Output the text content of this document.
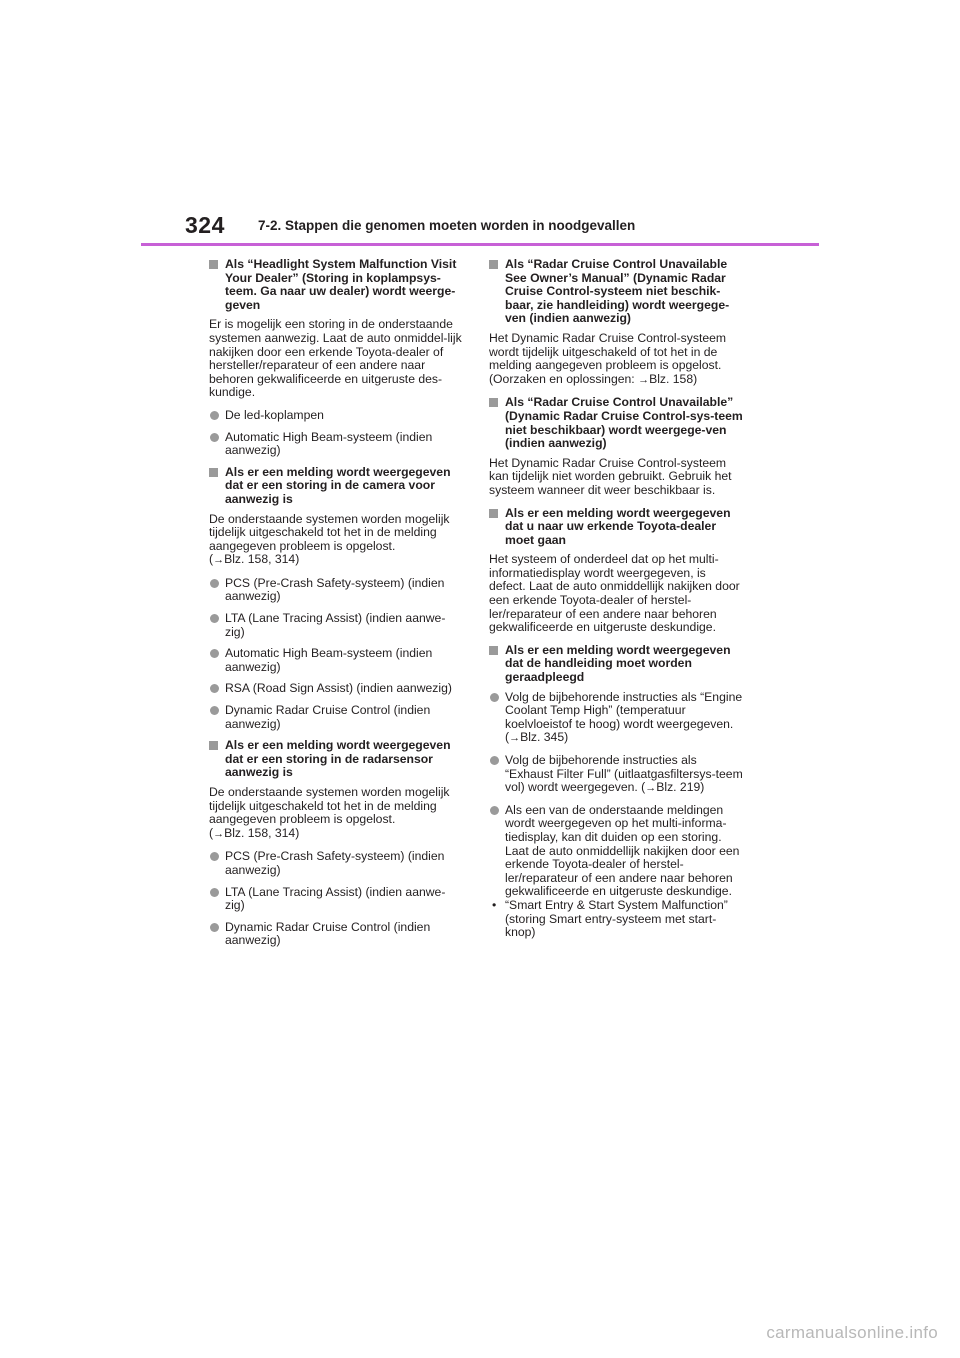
324 7-2. Stappen die genomen moeten worden in noodgevallen
Als “Headlight System Malfunction Visit Your Dealer” (Storing in koplampsys-teem. Ga naar uw dealer) wordt weerge-geven
Er is mogelijk een storing in de onderstaande systemen aanwezig. Laat de auto onmiddel-lijk nakijken door een erkende Toyota-dealer of hersteller/reparateur of een andere naar behoren gekwalificeerde en uitgeruste des-kundige.
De led-koplampen
Automatic High Beam-systeem (indien aanwezig)
Als er een melding wordt weergegeven dat er een storing in de camera voor aanwezig is
De onderstaande systemen worden mogelijk tijdelijk uitgeschakeld tot het in de melding aangegeven probleem is opgelost.
(→Blz. 158, 314)
PCS (Pre-Crash Safety-systeem) (indien aanwezig)
LTA (Lane Tracing Assist) (indien aanwe-zig)
Automatic High Beam-systeem (indien aanwezig)
RSA (Road Sign Assist) (indien aanwezig)
Dynamic Radar Cruise Control (indien aanwezig)
Als er een melding wordt weergegeven dat er een storing in de radarsensor aanwezig is
De onderstaande systemen worden mogelijk tijdelijk uitgeschakeld tot het in de melding aangegeven probleem is opgelost.
(→Blz. 158, 314)
PCS (Pre-Crash Safety-systeem) (indien aanwezig)
LTA (Lane Tracing Assist) (indien aanwe-zig)
Dynamic Radar Cruise Control (indien aanwezig)
Als “Radar Cruise Control Unavailable See Owner’s Manual” (Dynamic Radar Cruise Control-systeem niet beschik-baar, zie handleiding) wordt weergege-ven (indien aanwezig)
Het Dynamic Radar Cruise Control-systeem wordt tijdelijk uitgeschakeld of tot het in de melding aangegeven probleem is opgelost. (Oorzaken en oplossingen: →Blz. 158)
Als “Radar Cruise Control Unavailable” (Dynamic Radar Cruise Control-sys-teem niet beschikbaar) wordt weergege-ven (indien aanwezig)
Het Dynamic Radar Cruise Control-systeem kan tijdelijk niet worden gebruikt. Gebruik het systeem wanneer dit weer beschikbaar is.
Als er een melding wordt weergegeven dat u naar uw erkende Toyota-dealer moet gaan
Het systeem of onderdeel dat op het multi-informatiedisplay wordt weergegeven, is defect. Laat de auto onmiddellijk nakijken door een erkende Toyota-dealer of herstel-ler/reparateur of een andere naar behoren gekwalificeerde en uitgeruste deskundige.
Als er een melding wordt weergegeven dat de handleiding moet worden geraadpleegd
Volg de bijbehorende instructies als “Engine Coolant Temp High” (temperatuur koelvloeistof te hoog) wordt weergegeven.
(→Blz. 345)
Volg de bijbehorende instructies als “Exhaust Filter Full” (uitlaatgasfiltersys-teem vol) wordt weergegeven. (→Blz. 219)
Als een van de onderstaande meldingen wordt weergegeven op het multi-informa-tiedisplay, kan dit duiden op een storing. Laat de auto onmiddellijk nakijken door een erkende Toyota-dealer of herstel-ler/reparateur of een andere naar behoren gekwalificeerde en uitgeruste deskundige.
• “Smart Entry & Start System Malfunction” (storing Smart entry-systeem met start-knop)
carmanualsonline.info
